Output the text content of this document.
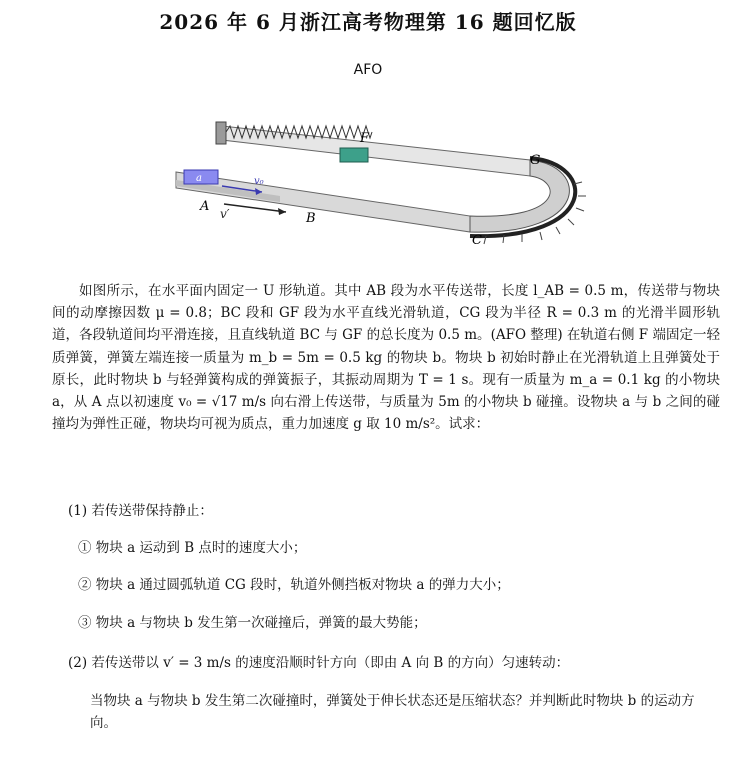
2026 年 6 月浙江高考物理第 16 题回忆版
AFO
a	v₀
v′
A
B
C
F
G
如图所示，在水平面内固定一 U 形轨道。其中 AB 段为水平传送带，长度 l_AB = 0.5 m，传送带与物块间的动摩擦因数 μ = 0.8；BC 段和 GF 段为水平直线光滑轨道，CG 段为半径 R = 0.3 m 的光滑半圆形轨道，各段轨道间均平滑连接，且直线轨道 BC 与 GF 的总长度为 0.5 m。(AFO 整理) 在轨道右侧 F 端固定一轻质弹簧，弹簧左端连接一质量为 m_b = 5m = 0.5 kg 的物块 b。物块 b 初始时静止在光滑轨道上且弹簧处于原长，此时物块 b 与轻弹簧构成的弹簧振子，其振动周期为 T = 1 s。现有一质量为 m_a = 0.1 kg 的小物块 a，从 A 点以初速度 v₀ = √17 m/s 向右滑上传送带，与质量为 5m 的小物块 b 碰撞。设物块 a 与 b 之间的碰撞均为弹性正碰，物块均可视为质点，重力加速度 g 取 10 m/s²。试求：
(1) 若传送带保持静止：
① 物块 a 运动到 B 点时的速度大小；
② 物块 a 通过圆弧轨道 CG 段时，轨道外侧挡板对物块 a 的弹力大小；
③ 物块 a 与物块 b 发生第一次碰撞后，弹簧的最大势能；
(2) 若传送带以 v′ = 3 m/s 的速度沿顺时针方向（即由 A 向 B 的方向）匀速转动：
当物块 a 与物块 b 发生第二次碰撞时，弹簧处于伸长状态还是压缩状态？并判断此时物块 b 的运动方向。
